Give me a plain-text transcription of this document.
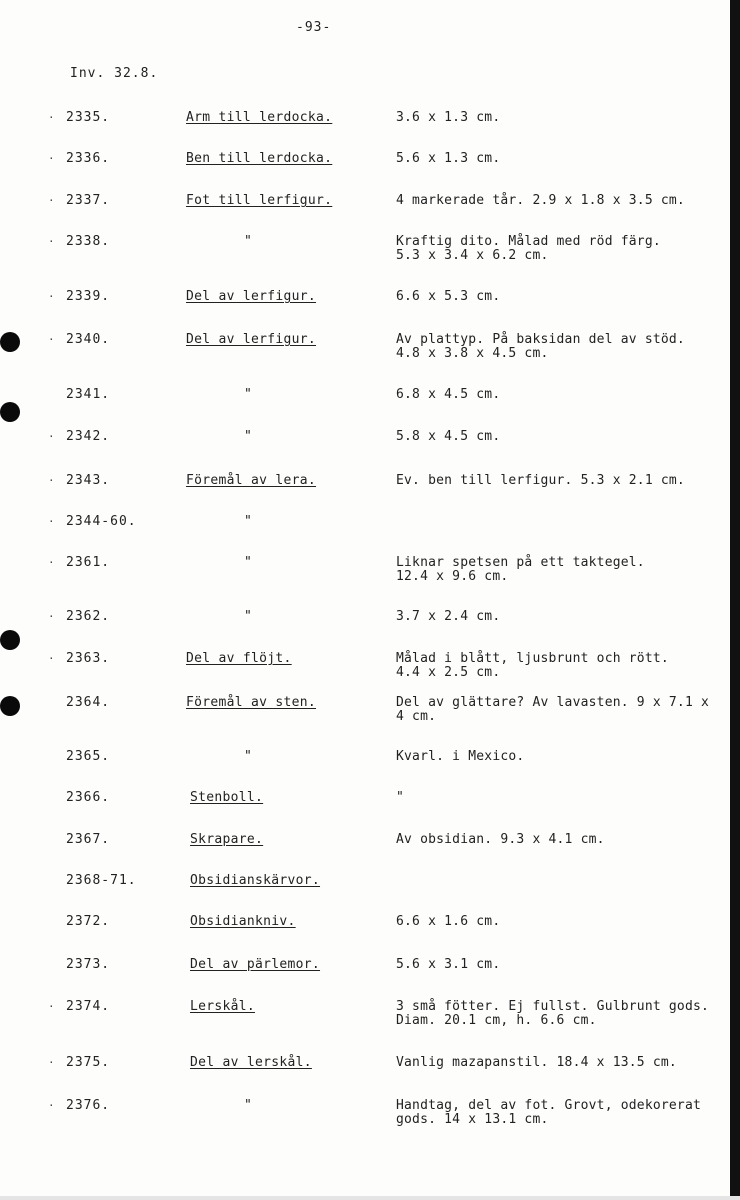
-93-
Inv. 32.8.
· 2335.	Arm till lerdocka.	3.6 x 1.3 cm.
· 2336.	Ben till lerdocka.	5.6 x 1.3 cm.
· 2337.	Fot till lerfigur.	4 markerade tår. 2.9 x 1.8 x 3.5 cm.
· 2338.	"	Kraftig dito. Målad med röd färg.
5.3 x 3.4 x 6.2 cm.
· 2339.	Del av lerfigur.	6.6 x 5.3 cm.
· 2340.	Del av lerfigur.	Av plattyp. På baksidan del av stöd.
4.8 x 3.8 x 4.5 cm.
2341.	"	6.8 x 4.5 cm.
· 2342.	"	5.8 x 4.5 cm.
· 2343.	Föremål av lera.	Ev. ben till lerfigur. 5.3 x 2.1 cm.
· 2344-60.	"
· 2361.	"	Liknar spetsen på ett taktegel.
12.4 x 9.6 cm.
· 2362.	"	3.7 x 2.4 cm.
· 2363.	Del av flöjt.	Målad i blått, ljusbrunt och rött.
4.4 x 2.5 cm.
2364.	Föremål av sten.	Del av glättare? Av lavasten. 9 x 7.1 x
4 cm.
2365.	"	Kvarl. i Mexico.
2366.	Stenboll.	"
2367.	Skrapare.	Av obsidian. 9.3 x 4.1 cm.
2368-71.	Obsidianskärvor.
2372.	Obsidiankniv.	6.6 x 1.6 cm.
2373.	Del av pärlemor.	5.6 x 3.1 cm.
· 2374.	Lerskål.	3 små fötter. Ej fullst. Gulbrunt gods.
Diam. 20.1 cm, h. 6.6 cm.
· 2375.	Del av lerskål.	Vanlig mazapanstil. 18.4 x 13.5 cm.
· 2376.	"	Handtag, del av fot. Grovt, odekorerat
gods. 14 x 13.1 cm.
